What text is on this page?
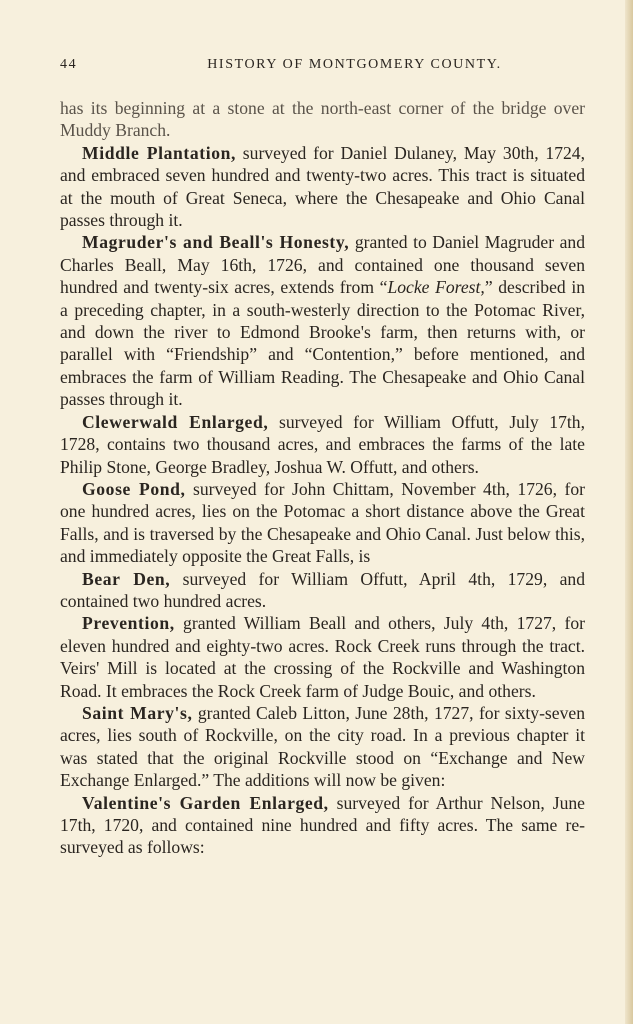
44	HISTORY OF MONTGOMERY COUNTY.

has its beginning at a stone at the north-east corner of the bridge over Muddy Branch.

Middle Plantation, surveyed for Daniel Dulaney, May 30th, 1724, and embraced seven hundred and twenty-two acres. This tract is situated at the mouth of Great Seneca, where the Chesapeake and Ohio Canal passes through it.

Magruder's and Beall's Honesty, granted to Daniel Magruder and Charles Beall, May 16th, 1726, and contained one thousand seven hundred and twenty-six acres, extends from “Locke Forest,” described in a preceding chapter, in a south-westerly direction to the Potomac River, and down the river to Edmond Brooke's farm, then returns with, or parallel with “Friendship” and “Contention,” before mentioned, and embraces the farm of William Reading. The Chesapeake and Ohio Canal passes through it.

Clewerwald Enlarged, surveyed for William Offutt, July 17th, 1728, contains two thousand acres, and embraces the farms of the late Philip Stone, George Bradley, Joshua W. Offutt, and others.

Goose Pond, surveyed for John Chittam, November 4th, 1726, for one hundred acres, lies on the Potomac a short distance above the Great Falls, and is traversed by the Chesapeake and Ohio Canal. Just below this, and immediately opposite the Great Falls, is

Bear Den, surveyed for William Offutt, April 4th, 1729, and contained two hundred acres.

Prevention, granted William Beall and others, July 4th, 1727, for eleven hundred and eighty-two acres. Rock Creek runs through the tract. Veirs' Mill is located at the crossing of the Rockville and Washington Road. It embraces the Rock Creek farm of Judge Bouic, and others.

Saint Mary's, granted Caleb Litton, June 28th, 1727, for sixty-seven acres, lies south of Rockville, on the city road. In a previous chapter it was stated that the original Rockville stood on “Exchange and New Exchange Enlarged.” The additions will now be given:

Valentine's Garden Enlarged, surveyed for Arthur Nelson, June 17th, 1720, and contained nine hundred and fifty acres. The same re-surveyed as follows:
